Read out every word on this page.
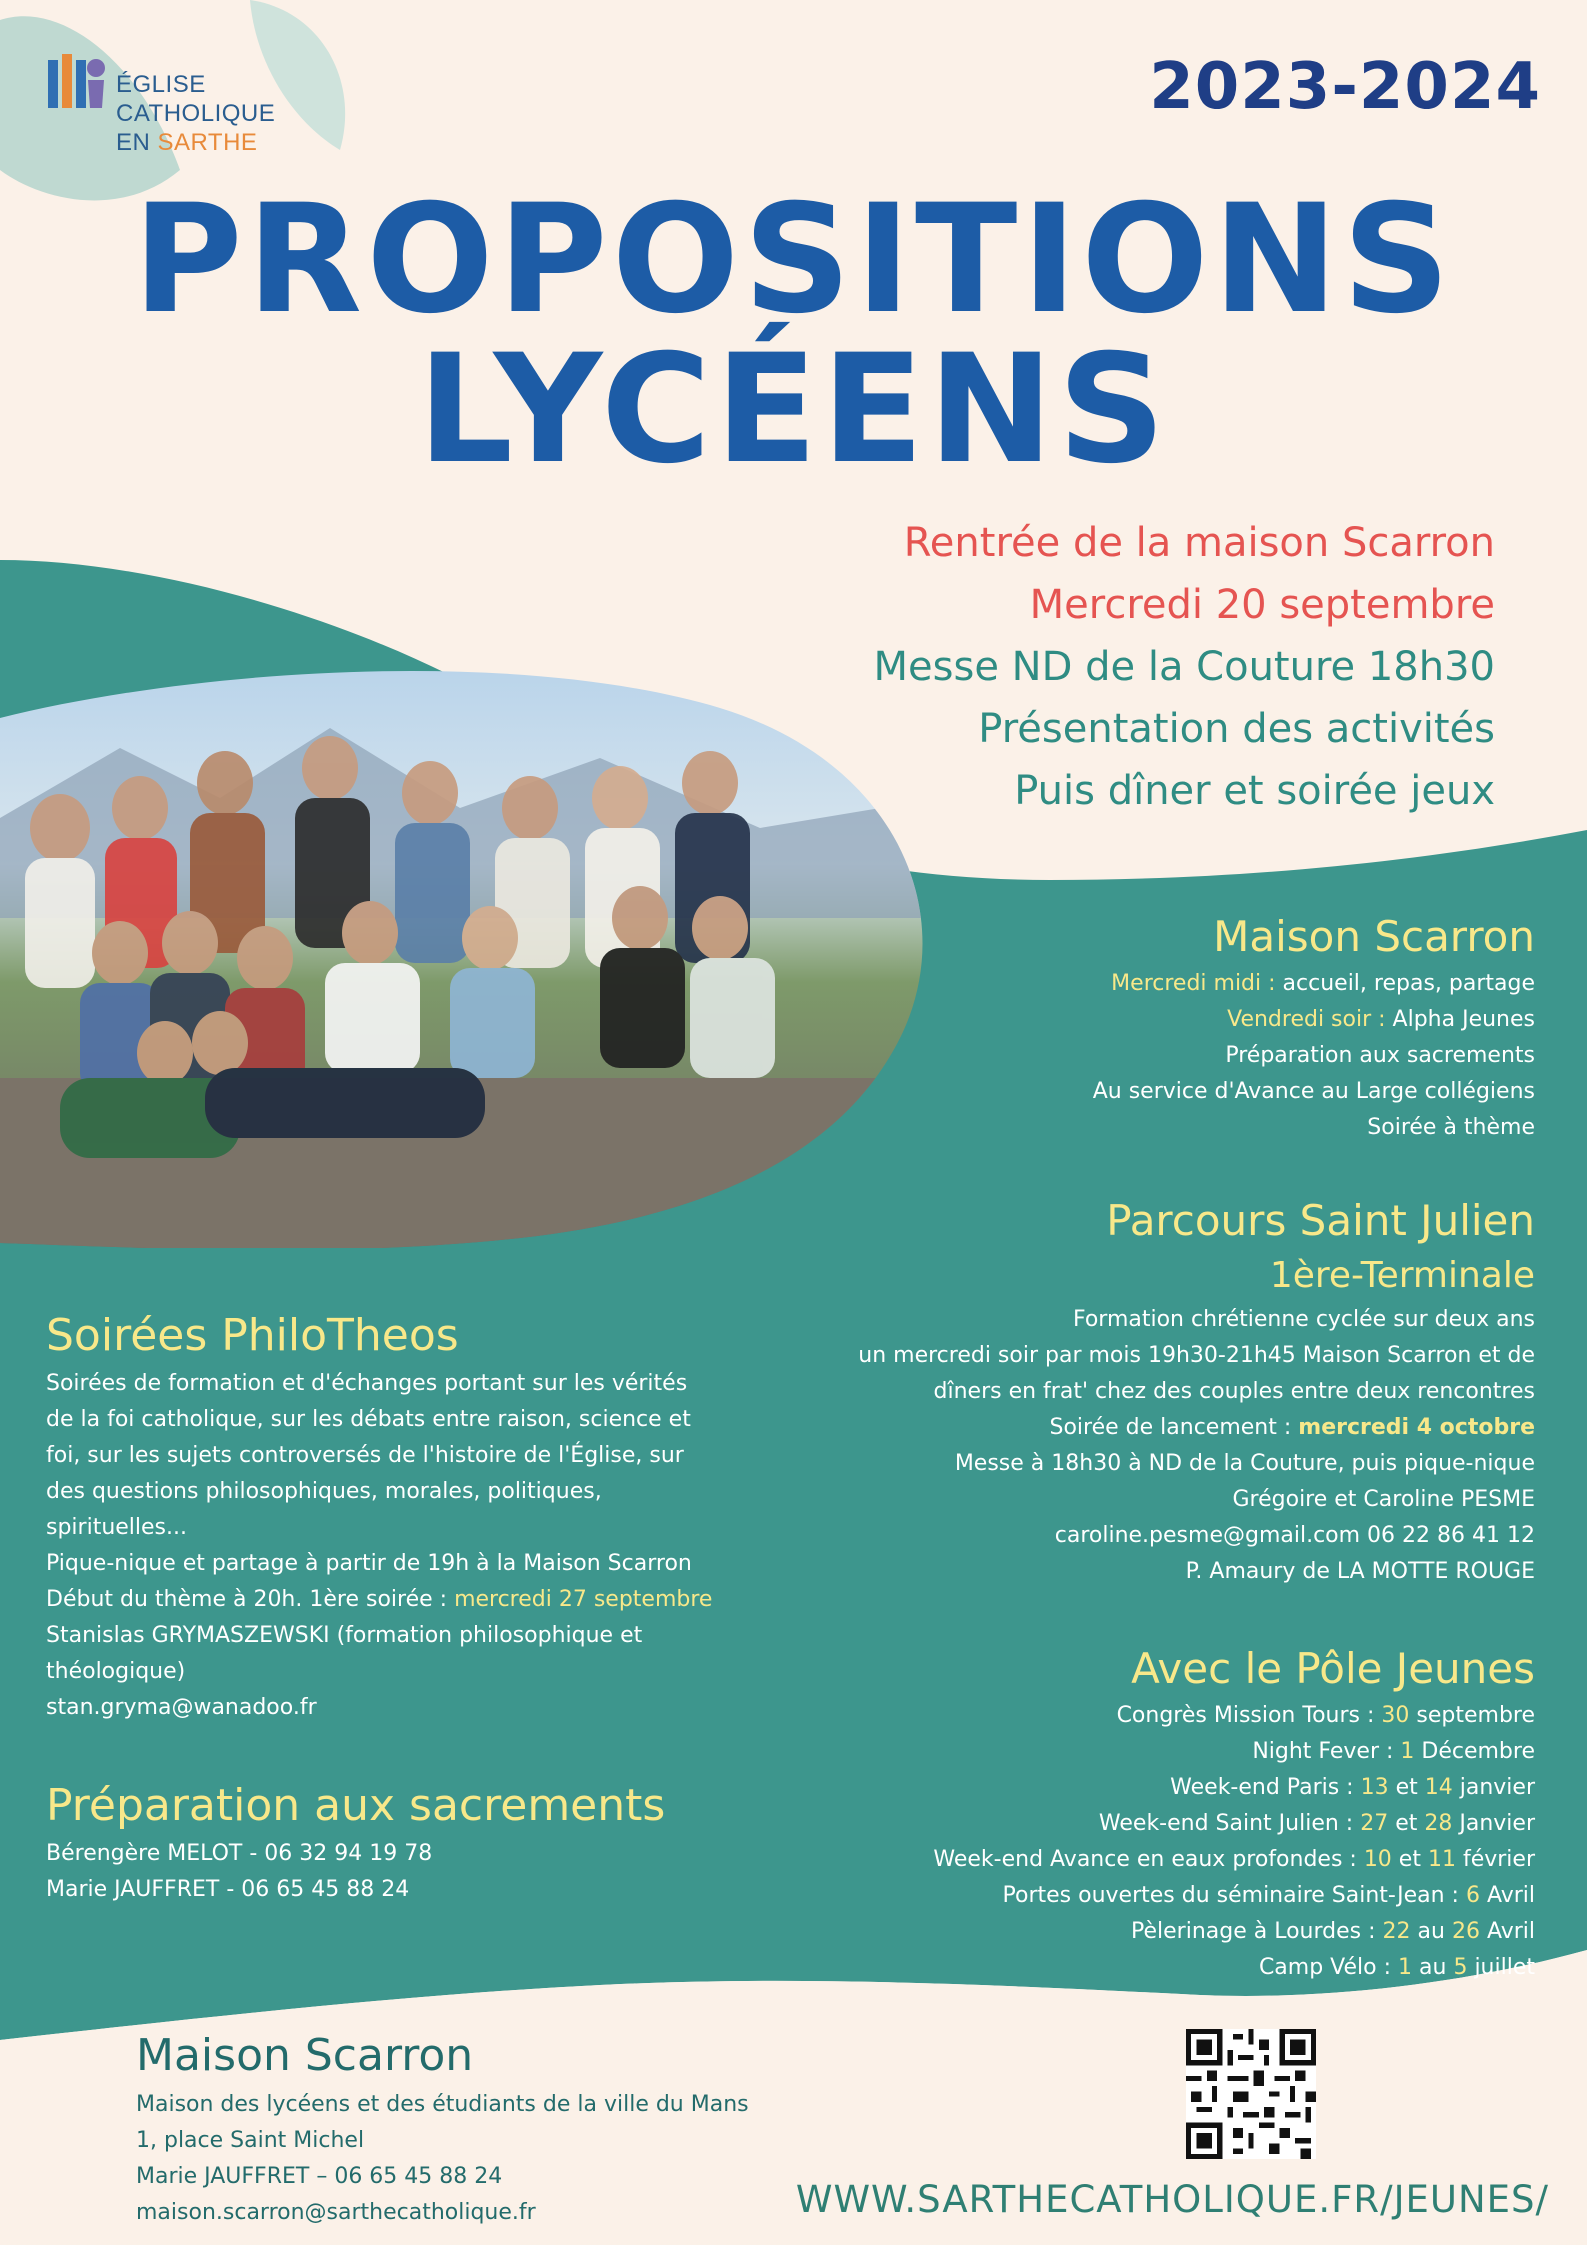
ÉGLISE
CATHOLIQUE
EN SARTHE
2023-2024
PROPOSITIONS
LYCÉENS
Rentrée de la maison Scarron
Mercredi 20 septembre
Messe ND de la Couture 18h30
Présentation des activités
Puis dîner et soirée jeux
Maison Scarron
Mercredi midi : accueil, repas, partage
Vendredi soir : Alpha Jeunes
Préparation aux sacrements
Au service d'Avance au Large collégiens
Soirée à thème
Parcours Saint Julien
1ère-Terminale
Formation chrétienne cyclée sur deux ans
un mercredi soir par mois 19h30-21h45 Maison Scarron et de
dîners en frat' chez des couples entre deux rencontres
Soirée de lancement : mercredi 4 octobre
Messe à 18h30 à ND de la Couture, puis pique-nique
Grégoire et Caroline PESME
caroline.pesme@gmail.com 06 22 86 41 12
P. Amaury de LA MOTTE ROUGE
Avec le Pôle Jeunes
Congrès Mission Tours : 30 septembre
Night Fever : 1 Décembre
Week-end Paris : 13 et 14 janvier
Week-end Saint Julien : 27 et 28 Janvier
Week-end Avance en eaux profondes : 10 et 11 février
Portes ouvertes du séminaire Saint-Jean : 6 Avril
Pèlerinage à Lourdes : 22 au 26 Avril
Camp Vélo : 1 au 5 juillet
Soirées PhiloTheos
Soirées de formation et d'échanges portant sur les vérités
de la foi catholique, sur les débats entre raison, science et
foi, sur les sujets controversés de l'histoire de l'Église, sur
des questions philosophiques, morales, politiques,
spirituelles...
Pique-nique et partage à partir de 19h à la Maison Scarron
Début du thème à 20h. 1ère soirée : mercredi 27 septembre
Stanislas GRYMASZEWSKI (formation philosophique et
théologique)
stan.gryma@wanadoo.fr
Préparation aux sacrements
Bérengère MELOT - 06 32 94 19 78
Marie JAUFFRET - 06 65 45 88 24
Maison Scarron
Maison des lycéens et des étudiants de la ville du Mans
1, place Saint Michel
Marie JAUFFRET – 06 65 45 88 24
maison.scarron@sarthecatholique.fr	WWW.SARTHECATHOLIQUE.FR/JEUNES/
